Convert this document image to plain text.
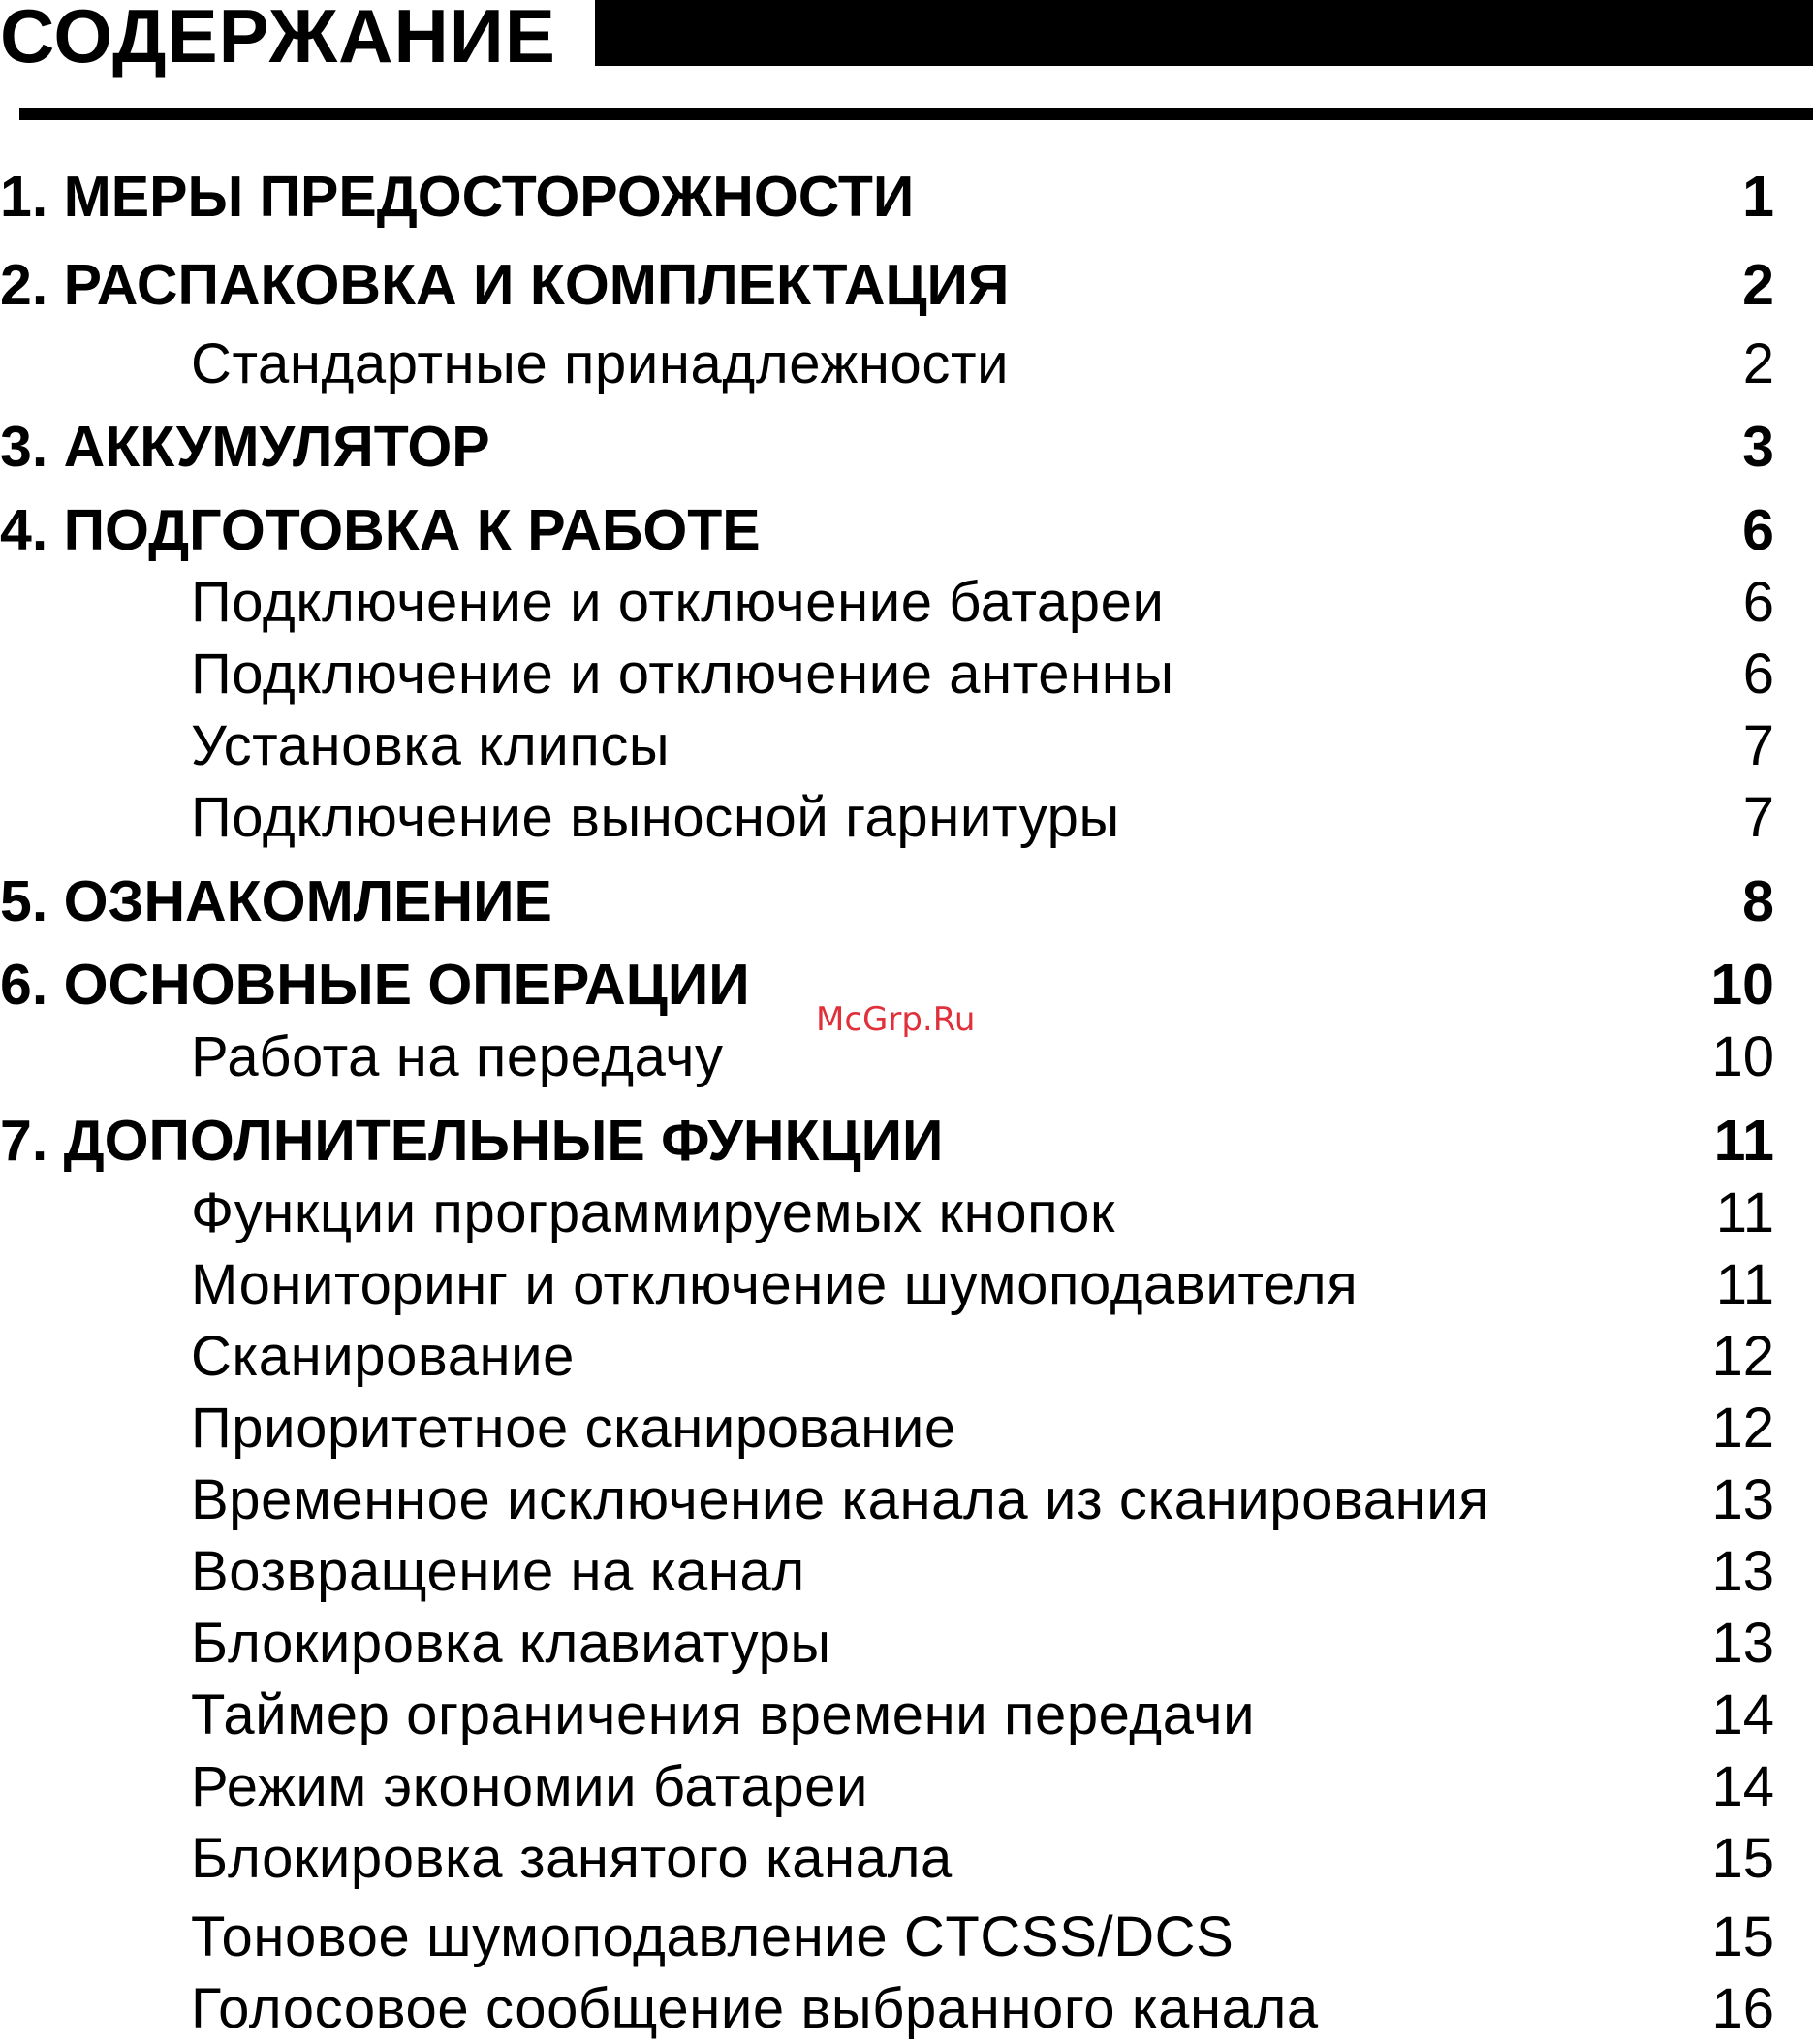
СОДЕРЖАНИЕ
1. МЕРЫ ПРЕДОСТОРОЖНОСТИ	1
2. РАСПАКОВКА И КОМПЛЕКТАЦИЯ	2
Стандартные принадлежности	2
3. АККУМУЛЯТОР	3
4. ПОДГОТОВКА К РАБОТЕ	6
Подключение и отключение батареи	6
Подключение и отключение антенны	6
Установка клипсы	7
Подключение выносной гарнитуры	7
5. ОЗНАКОМЛЕНИЕ	8
6. ОСНОВНЫЕ ОПЕРАЦИИ	10
Работа на передачу	10
7. ДОПОЛНИТЕЛЬНЫЕ ФУНКЦИИ	11
Функции программируемых кнопок	11
Мониторинг и отключение шумоподавителя	11
Сканирование	12
Приоритетное сканирование	12
Временное исключение канала из сканирования	13
Возвращение на канал	13
Блокировка клавиатуры	13
Таймер ограничения времени передачи	14
Режим экономии батареи	14
Блокировка занятого канала	15
Тоновое шумоподавление CTCSS/DCS	15
Голосовое сообщение выбранного канала	16
McGrp.Ru
